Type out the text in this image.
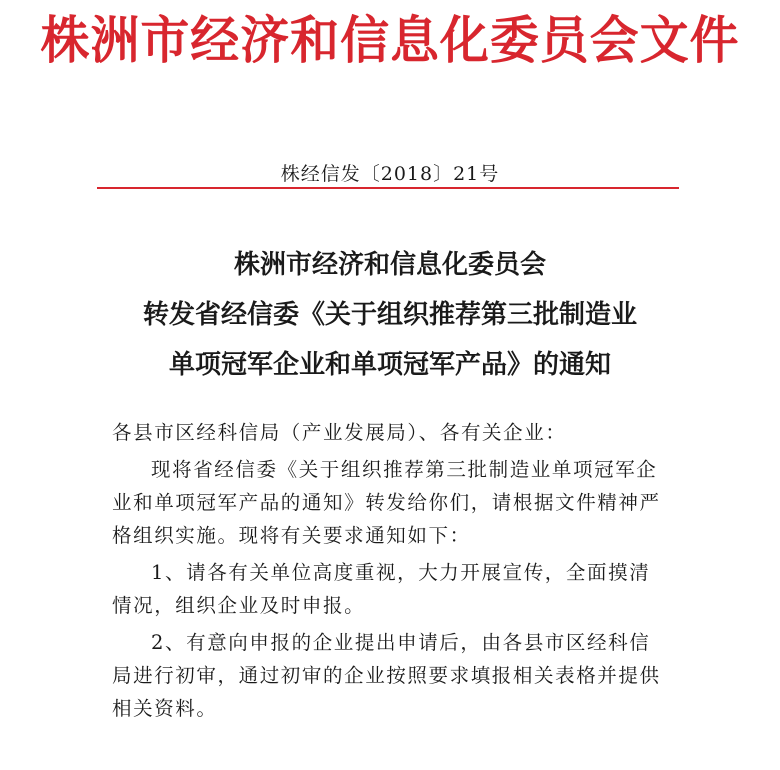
株洲市经济和信息化委员会文件
株经信发〔2018〕21号
株洲市经济和信息化委员会
转发省经信委《关于组织推荐第三批制造业
单项冠军企业和单项冠军产品》的通知
各县市区经科信局（产业发展局）、各有关企业：
现将省经信委《关于组织推荐第三批制造业单项冠军企业和单项冠军产品的通知》转发给你们，请根据文件精神严格组织实施。现将有关要求通知如下：
1、请各有关单位高度重视，大力开展宣传，全面摸清情况，组织企业及时申报。
2、有意向申报的企业提出申请后，由各县市区经科信局进行初审，通过初审的企业按照要求填报相关表格并提供相关资料。
